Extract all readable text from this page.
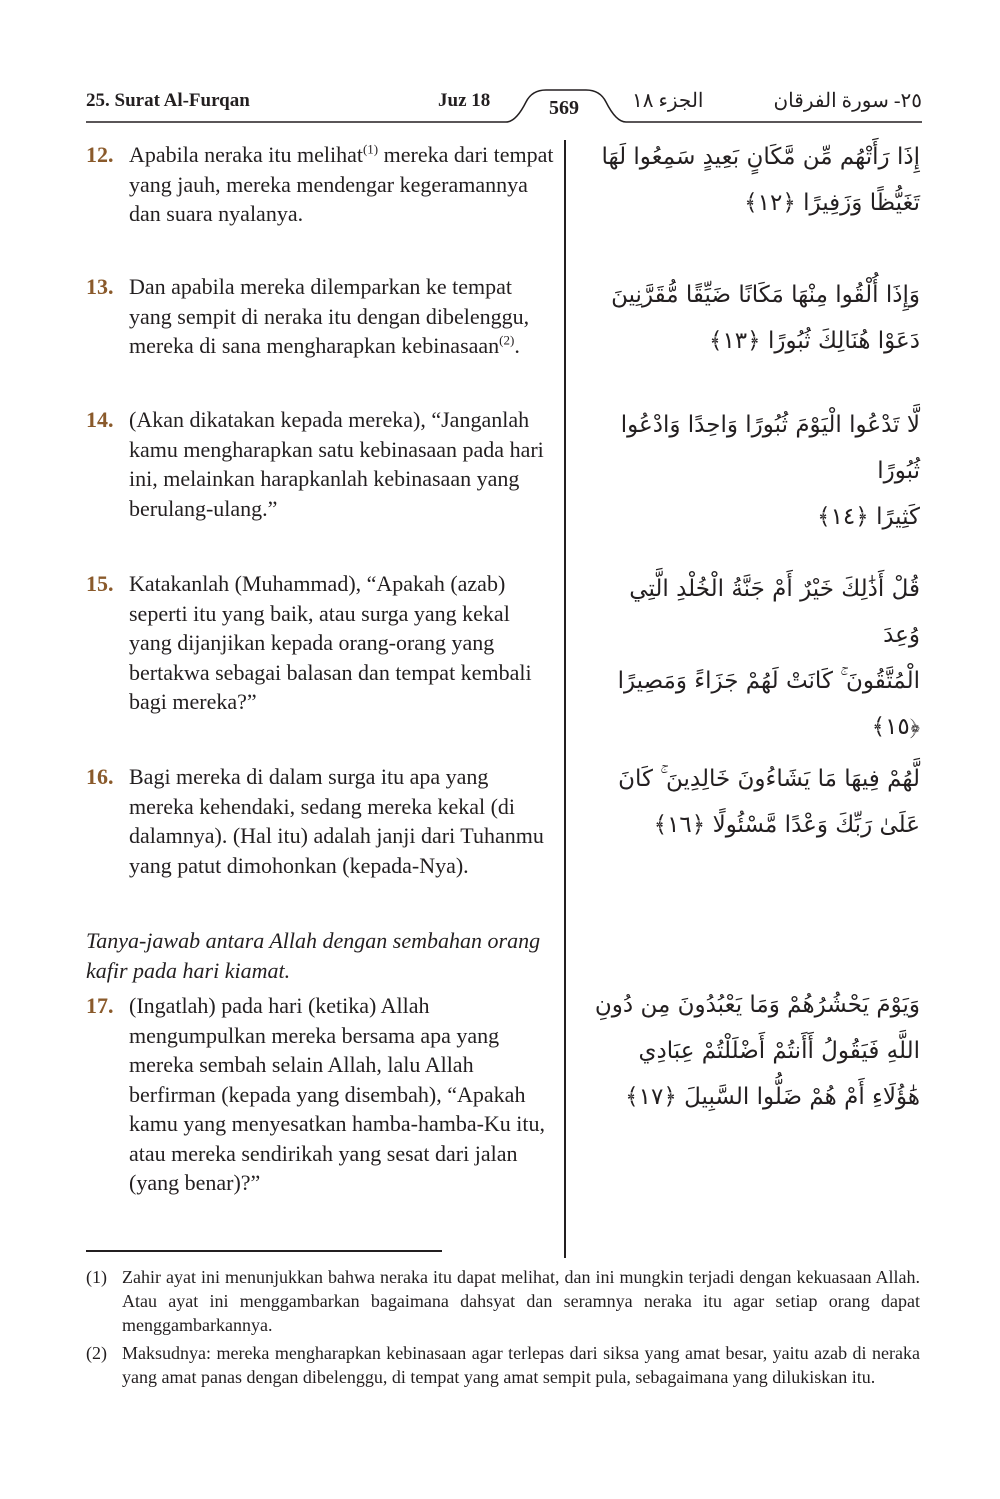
25. Surat Al-Furqan	Juz 18	569	الجزء ١٨	٢٥- سورة الفرقان
12. Apabila neraka itu melihat$^{(1)}$ mereka dari tempat yang jauh, mereka mendengar kegeramannya dan suara nyalanya.
إِذَا رَأَتْهُم مِّن مَّكَانٍ بَعِيدٍ سَمِعُوا لَهَا
تَغَيُّظًا وَزَفِيرًا ﴿١٢﴾
13. Dan apabila mereka dilemparkan ke tempat yang sempit di neraka itu dengan dibelenggu, mereka di sana mengharapkan kebinasaan$^{(2)}$.
وَإِذَا أُلْقُوا مِنْهَا مَكَانًا ضَيِّقًا مُّقَرَّنِينَ
دَعَوْا هُنَالِكَ ثُبُورًا ﴿١٣﴾
14. (Akan dikatakan kepada mereka), “Janganlah kamu mengharapkan satu kebinasaan pada hari ini, melainkan harapkanlah kebinasaan yang berulang-ulang.”
لَّا تَدْعُوا الْيَوْمَ ثُبُورًا وَاحِدًا وَادْعُوا ثُبُورًا
كَثِيرًا ﴿١٤﴾
15. Katakanlah (Muhammad), “Apakah (azab) seperti itu yang baik, atau surga yang kekal yang dijanjikan kepada orang-orang yang bertakwa sebagai balasan dan tempat kembali bagi mereka?”
قُلْ أَذَٰلِكَ خَيْرٌ أَمْ جَنَّةُ الْخُلْدِ الَّتِي وُعِدَ
الْمُتَّقُونَ ۚ كَانَتْ لَهُمْ جَزَاءً وَمَصِيرًا ﴿١٥﴾
16. Bagi mereka di dalam surga itu apa yang mereka kehendaki, sedang mereka kekal (di dalamnya). (Hal itu) adalah janji dari Tuhanmu yang patut dimohonkan (kepada-Nya).
لَّهُمْ فِيهَا مَا يَشَاءُونَ خَالِدِينَ ۚ كَانَ
عَلَىٰ رَبِّكَ وَعْدًا مَّسْئُولًا ﴿١٦﴾
Tanya-jawab antara Allah dengan sembahan orang kafir pada hari kiamat.
17. (Ingatlah) pada hari (ketika) Allah mengumpulkan mereka bersama apa yang mereka sembah selain Allah, lalu Allah berfirman (kepada yang disembah), “Apakah kamu yang menyesatkan hamba-hamba-Ku itu, atau mereka sendirikah yang sesat dari jalan (yang benar)?”
وَيَوْمَ يَحْشُرُهُمْ وَمَا يَعْبُدُونَ مِن دُونِ
اللَّهِ فَيَقُولُ أَأَنتُمْ أَضْلَلْتُمْ عِبَادِي
هَٰؤُلَاءِ أَمْ هُمْ ضَلُّوا السَّبِيلَ ﴿١٧﴾
(1) Zahir ayat ini menunjukkan bahwa neraka itu dapat melihat, dan ini mungkin terjadi dengan kekuasaan Allah. Atau ayat ini menggambarkan bagaimana dahsyat dan seramnya neraka itu agar setiap orang dapat menggambarkannya.
(2) Maksudnya: mereka mengharapkan kebinasaan agar terlepas dari siksa yang amat besar, yaitu azab di neraka yang amat panas dengan dibelenggu, di tempat yang amat sempit pula, sebagaimana yang dilukiskan itu.
